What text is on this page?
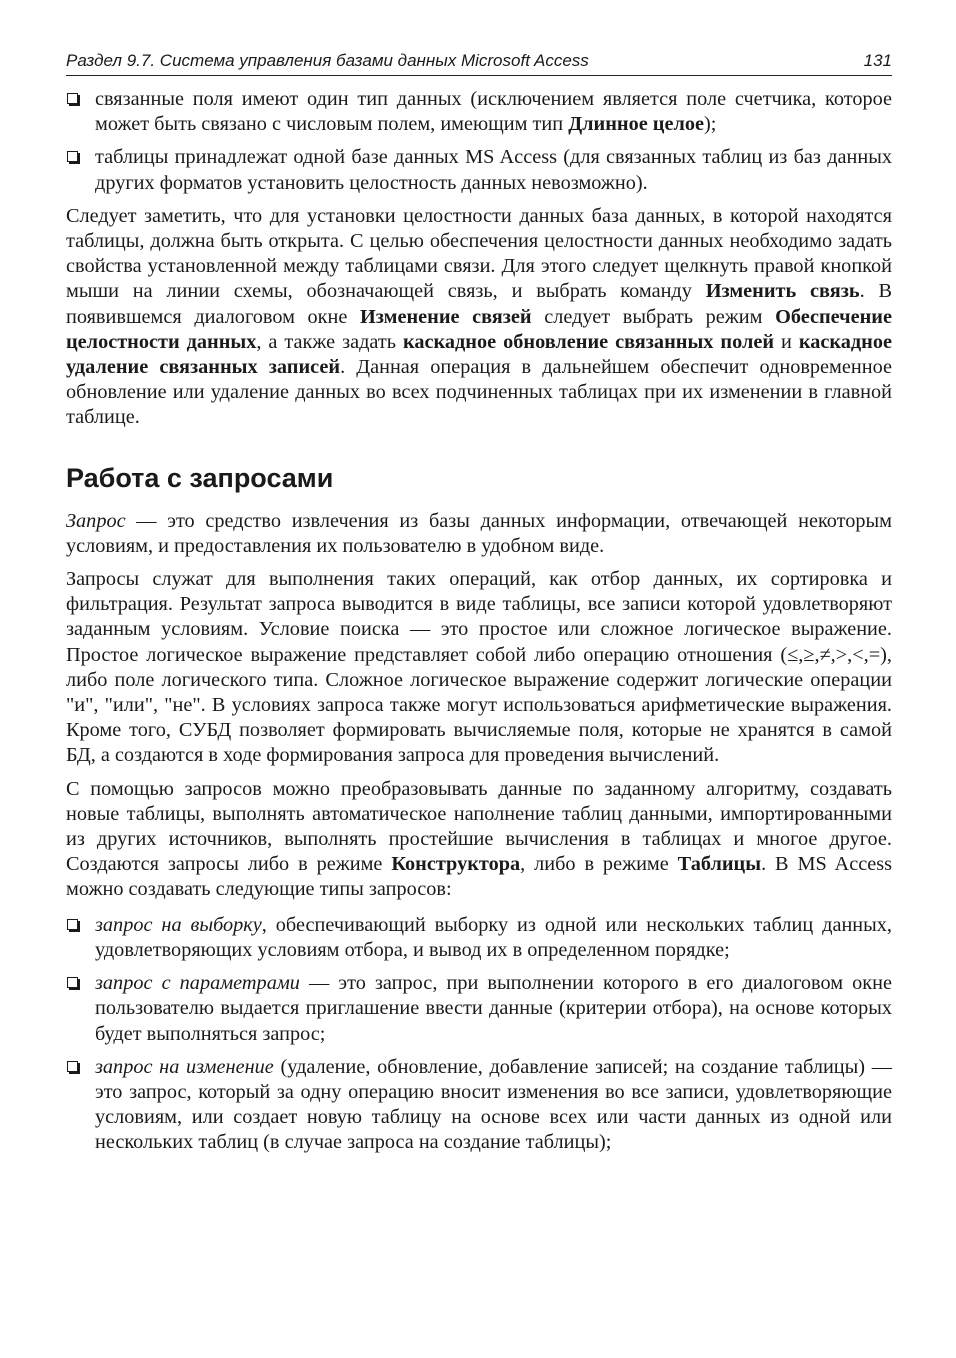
Раздел 9.7. Система управления базами данных Microsoft Access	131
связанные поля имеют один тип данных (исключением является поле счетчика, которое может быть связано с числовым полем, имеющим тип Длинное целое);
таблицы принадлежат одной базе данных MS Access (для связанных таблиц из баз данных других форматов установить целостность данных невозможно).

Следует заметить, что для установки целостности данных база данных, в которой находятся таблицы, должна быть открыта. С целью обеспечения целостности данных необходимо задать свойства установленной между таблицами связи. Для этого следует щелкнуть правой кнопкой мыши на линии схемы, обозначающей связь, и выбрать команду Изменить связь. В появившемся диалоговом окне Изменение связей следует выбрать режим Обеспечение целостности данных, а также задать каскадное обновление связанных полей и каскадное удаление связанных записей. Данная операция в дальнейшем обеспечит одновременное обновление или удаление данных во всех подчиненных таблицах при их изменении в главной таблице.

Работа с запросами

Запрос — это средство извлечения из базы данных информации, отвечающей некоторым условиям, и предоставления их пользователю в удобном виде.

Запросы служат для выполнения таких операций, как отбор данных, их сортировка и фильтрация. Результат запроса выводится в виде таблицы, все записи которой удовлетворяют заданным условиям. Условие поиска — это простое или сложное логическое выражение. Простое логическое выражение представляет собой либо операцию отношения (≤,≥,≠,>,<,=), либо поле логического типа. Сложное логическое выражение содержит логические операции "и", "или", "не". В условиях запроса также могут использоваться арифметические выражения. Кроме того, СУБД позволяет формировать вычисляемые поля, которые не хранятся в самой БД, а создаются в ходе формирования запроса для проведения вычислений.

С помощью запросов можно преобразовывать данные по заданному алгоритму, создавать новые таблицы, выполнять автоматическое наполнение таблиц данными, импортированными из других источников, выполнять простейшие вычисления в таблицах и многое другое. Создаются запросы либо в режиме Конструктора, либо в режиме Таблицы. В MS Access можно создавать следующие типы запросов:

запрос на выборку, обеспечивающий выборку из одной или нескольких таблиц данных, удовлетворяющих условиям отбора, и вывод их в определенном порядке;
запрос с параметрами — это запрос, при выполнении которого в его диалоговом окне пользователю выдается приглашение ввести данные (критерии отбора), на основе которых будет выполняться запрос;
запрос на изменение (удаление, обновление, добавление записей; на создание таблицы) — это запрос, который за одну операцию вносит изменения во все записи, удовлетворяющие условиям, или создает новую таблицу на основе всех или части данных из одной или нескольких таблиц (в случае запроса на создание таблицы);
